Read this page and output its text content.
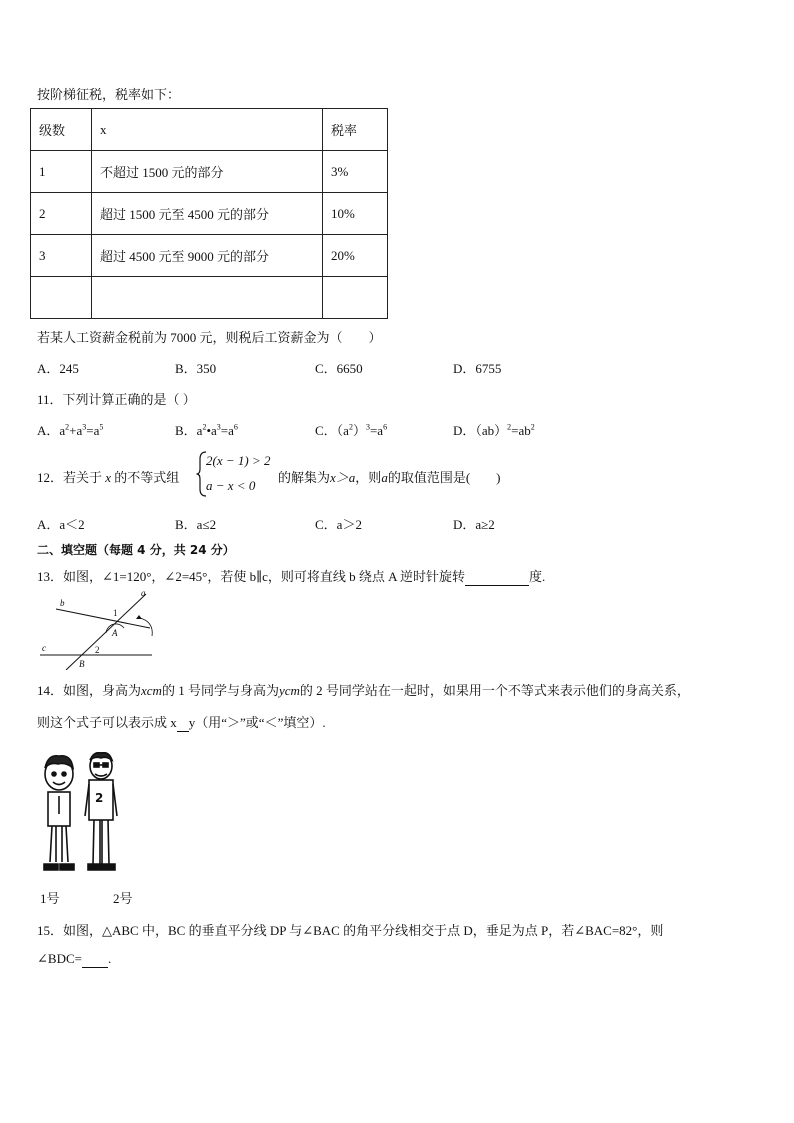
按阶梯征税，税率如下：
级数	x	税率
1	不超过 1500 元的部分	3%
2	超过 1500 元至 4500 元的部分	10%
3	超过 4500 元至 9000 元的部分	20%

若某人工资薪金税前为 7000 元，则税后工资薪金为（　　）
A．245	B．350	C．6650	D．6755
11．下列计算正确的是（ ）
A．$a^2+a^3=a^5$	B．$a^2•a^3=a^6$	C．$(a^2)^3=a^6$	D．$(ab)^2=ab^2$
12．若关于 x 的不等式组
2(x − 1) > 2
a − x < 0
的解集为x＞a，则a的取值范围是(　　)
A．a＜2	B．a≤2	C．a＞2	D．a≥2
二、填空题（每题 4 分，共 24 分）
13．如图，∠1=120°，∠2=45°，若使 b∥c，则可将直线 b 绕点 A 逆时针旋转	度.
b
a
1
A
c	2
B
14．如图，身高为xcm的 1 号同学与身高为ycm的 2 号同学站在一起时，如果用一个不等式来表示他们的身高关系，
则这个式子可以表示成 x y（用“＞”或“＜”填空）.
2
1号	2号
15．如图，△ABC 中，BC 的垂直平分线 DP 与∠BAC 的角平分线相交于点 D，垂足为点 P，若∠BAC=82°，则
∠BDC= .
